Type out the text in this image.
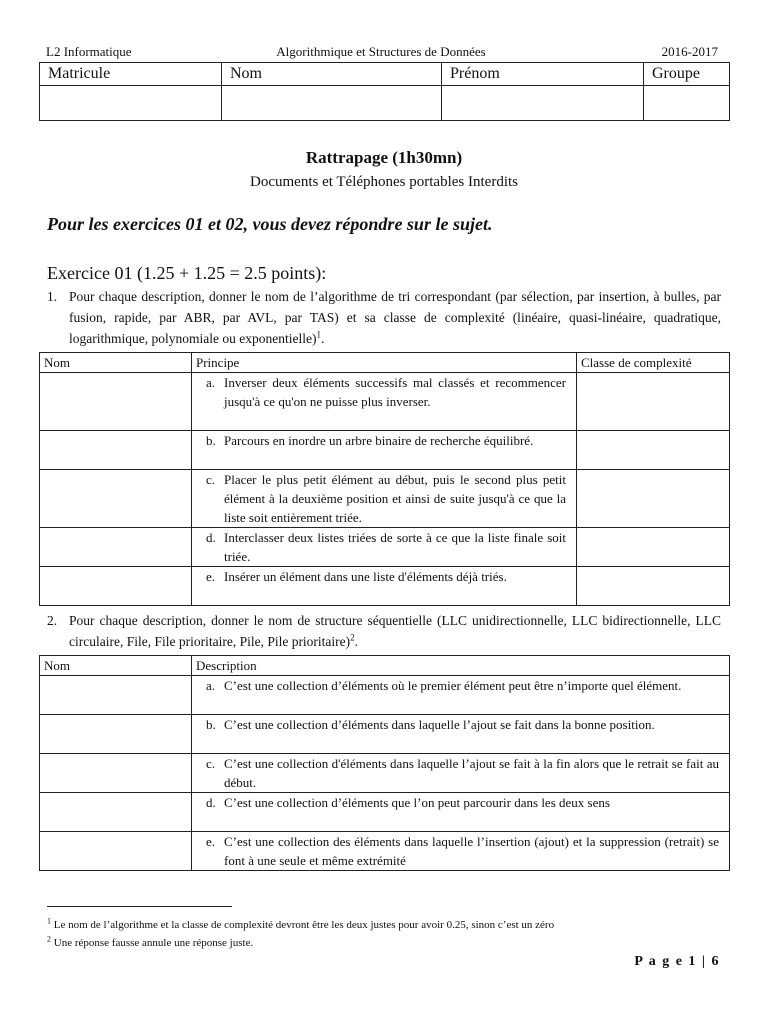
L2 Informatique	Algorithmique et Structures de Données	2016-2017
Matricule	Nom	Prénom	Groupe

Rattrapage (1h30mn)
Documents et Téléphones portables Interdits
Pour les exercices 01 et 02, vous devez répondre sur le sujet.
Exercice 01 (1.25 + 1.25 = 2.5 points):
1. Pour chaque description, donner le nom de l’algorithme de tri correspondant (par sélection, par insertion, à bulles, par fusion, rapide, par ABR, par AVL, par TAS) et sa classe de complexité (linéaire, quasi-linéaire, quadratique, logarithmique, polynomiale ou exponentielle)$^1$.
Nom	Principe	Classe de complexité

	a. Inverser deux éléments successifs mal classés et recommencer jusqu'à ce qu'on ne puisse plus inverser.	

	b. Parcours en inordre un arbre binaire de recherche équilibré.	

	c. Placer le plus petit élément au début, puis le second plus petit élément à la deuxième position et ainsi de suite jusqu'à ce que la liste soit entièrement triée.	

	d. Interclasser deux listes triées de sorte à ce que la liste finale soit triée.	

	e. Insérer un élément dans une liste d'éléments déjà triés.	

2. Pour chaque description, donner le nom de structure séquentielle (LLC unidirectionnelle, LLC bidirectionnelle, LLC circulaire, File, File prioritaire, Pile, Pile prioritaire)$^2$.
Nom	Description

	a. C’est une collection d’éléments où le premier élément peut être n’importe quel élément.

	b. C’est une collection d’éléments dans laquelle l’ajout se fait dans la bonne position.

	c. C’est une collection d'éléments dans laquelle l’ajout se fait à la fin alors que le retrait se fait au début.

	d. C’est une collection d’éléments que l’on peut parcourir dans les deux sens

	e. C’est une collection des éléments dans laquelle l’insertion (ajout) et la suppression (retrait) se font à une seule et même extrémité
$^1$ Le nom de l’algorithme et la classe de complexité devront être les deux justes pour avoir 0.25, sinon c’est un zéro
$^2$ Une réponse fausse annule une réponse juste.
P a g e 1 | 6
